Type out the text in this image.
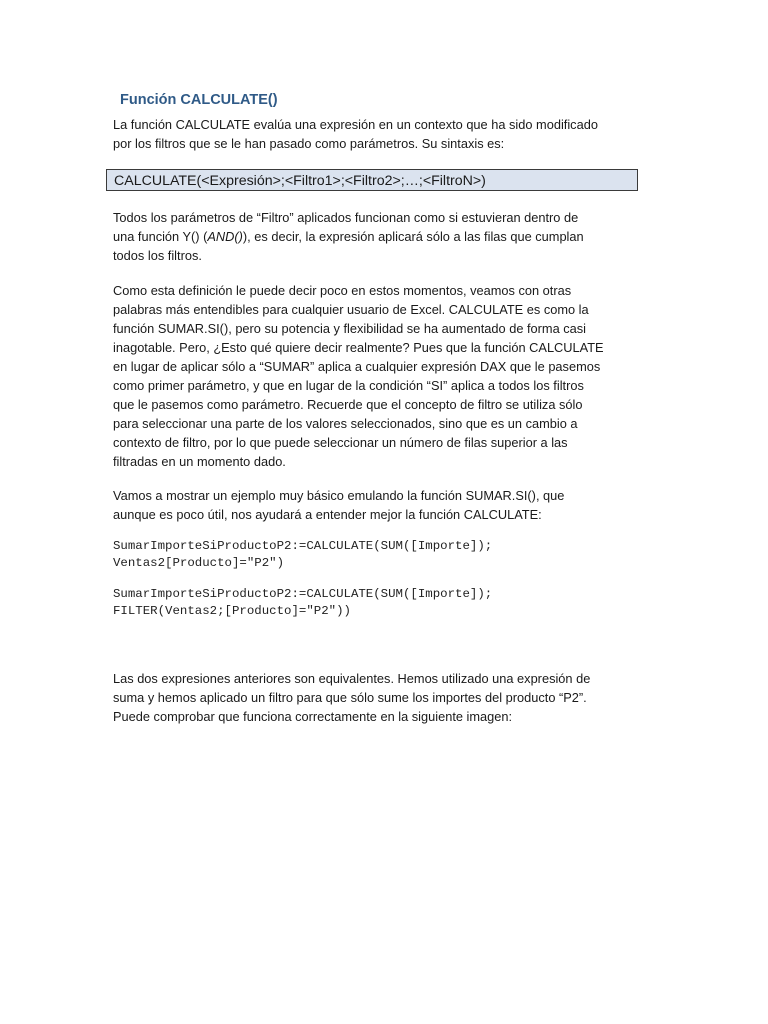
Función CALCULATE()

La función CALCULATE evalúa una expresión en un contexto que ha sido modificado
por los filtros que se le han pasado como parámetros. Su sintaxis es:

CALCULATE(<Expresión>;<Filtro1>;<Filtro2>;…;<FiltroN>)

Todos los parámetros de “Filtro” aplicados funcionan como si estuvieran dentro de
una función Y() (AND()), es decir, la expresión aplicará sólo a las filas que cumplan
todos los filtros.

Como esta definición le puede decir poco en estos momentos, veamos con otras
palabras más entendibles para cualquier usuario de Excel. CALCULATE es como la
función SUMAR.SI(), pero su potencia y flexibilidad se ha aumentado de forma casi
inagotable. Pero, ¿Esto qué quiere decir realmente? Pues que la función CALCULATE
en lugar de aplicar sólo a “SUMAR” aplica a cualquier expresión DAX que le pasemos
como primer parámetro, y que en lugar de la condición “SI” aplica a todos los filtros
que le pasemos como parámetro. Recuerde que el concepto de filtro se utiliza sólo
para seleccionar una parte de los valores seleccionados, sino que es un cambio a
contexto de filtro, por lo que puede seleccionar un número de filas superior a las
filtradas en un momento dado.

Vamos a mostrar un ejemplo muy básico emulando la función SUMAR.SI(), que
aunque es poco útil, nos ayudará a entender mejor la función CALCULATE:

SumarImporteSiProductoP2:=CALCULATE(SUM([Importe]);
Ventas2[Producto]="P2")
SumarImporteSiProductoP2:=CALCULATE(SUM([Importe]);
FILTER(Ventas2;[Producto]="P2"))

Las dos expresiones anteriores son equivalentes. Hemos utilizado una expresión de
suma y hemos aplicado un filtro para que sólo sume los importes del producto “P2”.
Puede comprobar que funciona correctamente en la siguiente imagen:
